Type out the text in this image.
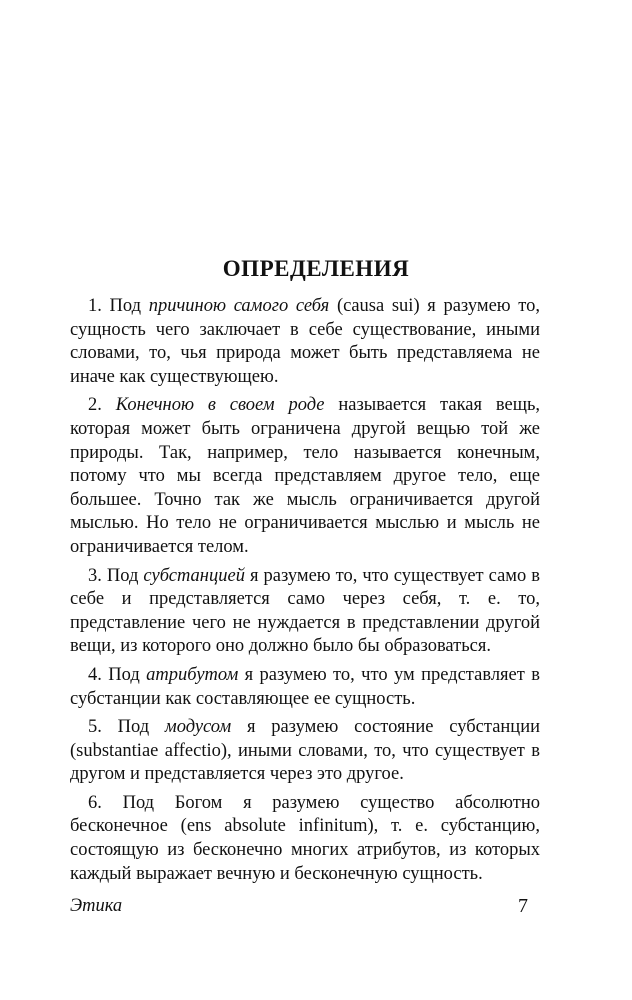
ОПРЕДЕЛЕНИЯ

1. Под причиною самого себя (causa sui) я разумею то, сущность чего заключает в себе существование, иными словами, то, чья природа может быть представляема не иначе как существующею.

2. Конечною в своем роде называется такая вещь, которая может быть ограничена другой вещью той же природы. Так, например, тело называется конечным, потому что мы всегда представляем другое тело, еще большее. Точно так же мысль ограничивается другой мыслью. Но тело не ограничивается мыслью и мысль не ограничивается телом.

3. Под субстанцией я разумею то, что существует само в себе и представляется само через себя, т. е. то, представление чего не нуждается в представлении другой вещи, из которого оно должно было бы образоваться.

4. Под атрибутом я разумею то, что ум представляет в субстанции как составляющее ее сущность.

5. Под модусом я разумею состояние субстанции (substantiae affectio), иными словами, то, что существует в другом и представляется через это другое.

6. Под Богом я разумею существо абсолютно бесконечное (ens absolute infinitum), т. е. субстанцию, состоящую из бесконечно многих атрибутов, из которых каждый выражает вечную и бесконечную сущность.

Этика	7
